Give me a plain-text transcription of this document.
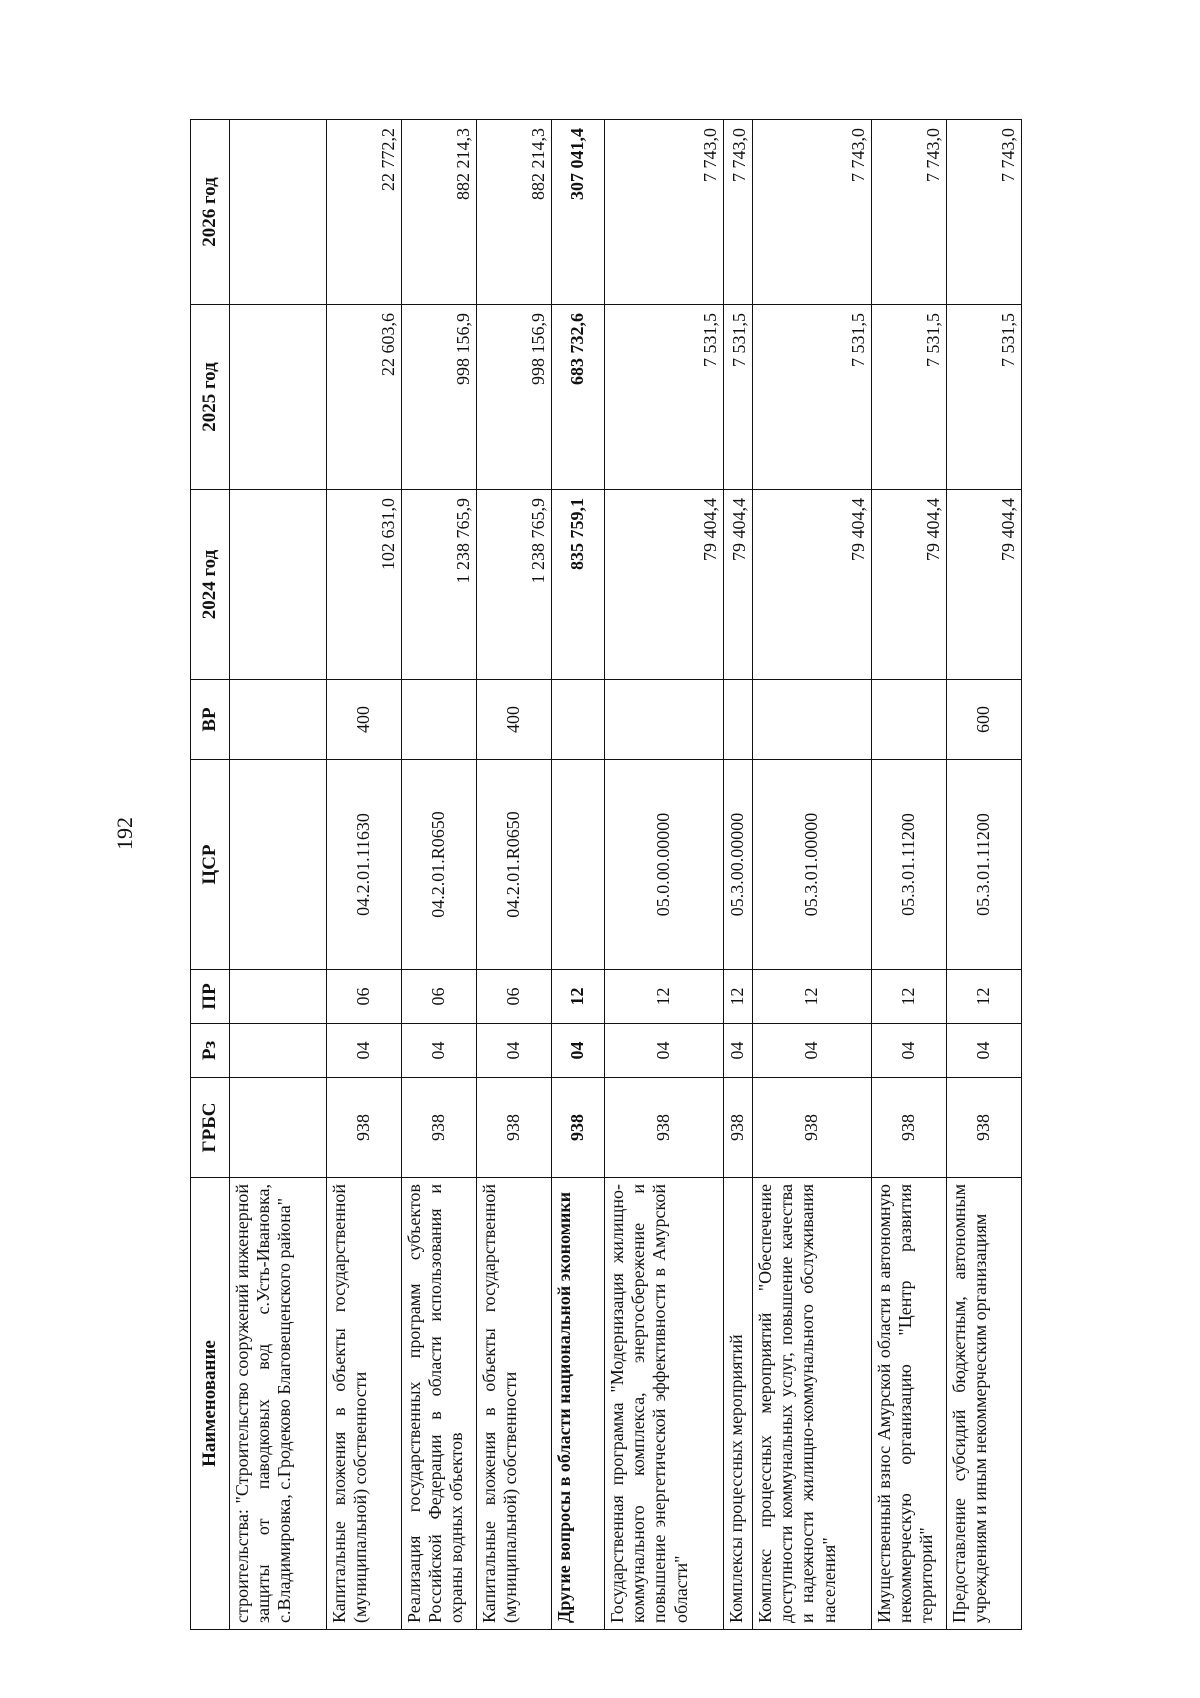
192
Наименование	ГРБС	Рз	ПР	ЦСР	ВР	2024 год	2025 год	2026 год
строительства: "Строительство сооружений инженерной защиты от паводковых вод с.Усть-Ивановка, с.Владимировка, с.Гродеково Благовещенского района"								
Капитальные вложения в объекты государственной (муниципальной) собственности	938	04	06	04.2.01.11630	400	102 631,0	22 603,6	22 772,2
Реализация государственных программ субъектов Российской Федерации в области использования и охраны водных объектов	938	04	06	04.2.01.R0650		1 238 765,9	998 156,9	882 214,3
Капитальные вложения в объекты государственной (муниципальной) собственности	938	04	06	04.2.01.R0650	400	1 238 765,9	998 156,9	882 214,3
Другие вопросы в области национальной экономики	938	04	12			835 759,1	683 732,6	307 041,4
Государственная программа "Модернизация жилищно-коммунального комплекса, энергосбережение и повышение энергетической эффективности в Амурской области"	938	04	12	05.0.00.00000		79 404,4	7 531,5	7 743,0
Комплексы процессных мероприятий	938	04	12	05.3.00.00000		79 404,4	7 531,5	7 743,0
Комплекс процессных мероприятий "Обеспечение доступности коммунальных услуг, повышение качества и надежности жилищно-коммунального обслуживания населения"	938	04	12	05.3.01.00000		79 404,4	7 531,5	7 743,0
Имущественный взнос Амурской области в автономную некоммерческую организацию "Центр развития территорий"	938	04	12	05.3.01.11200		79 404,4	7 531,5	7 743,0
Предоставление субсидий бюджетным, автономным учреждениям и иным некоммерческим организациям	938	04	12	05.3.01.11200	600	79 404,4	7 531,5	7 743,0
